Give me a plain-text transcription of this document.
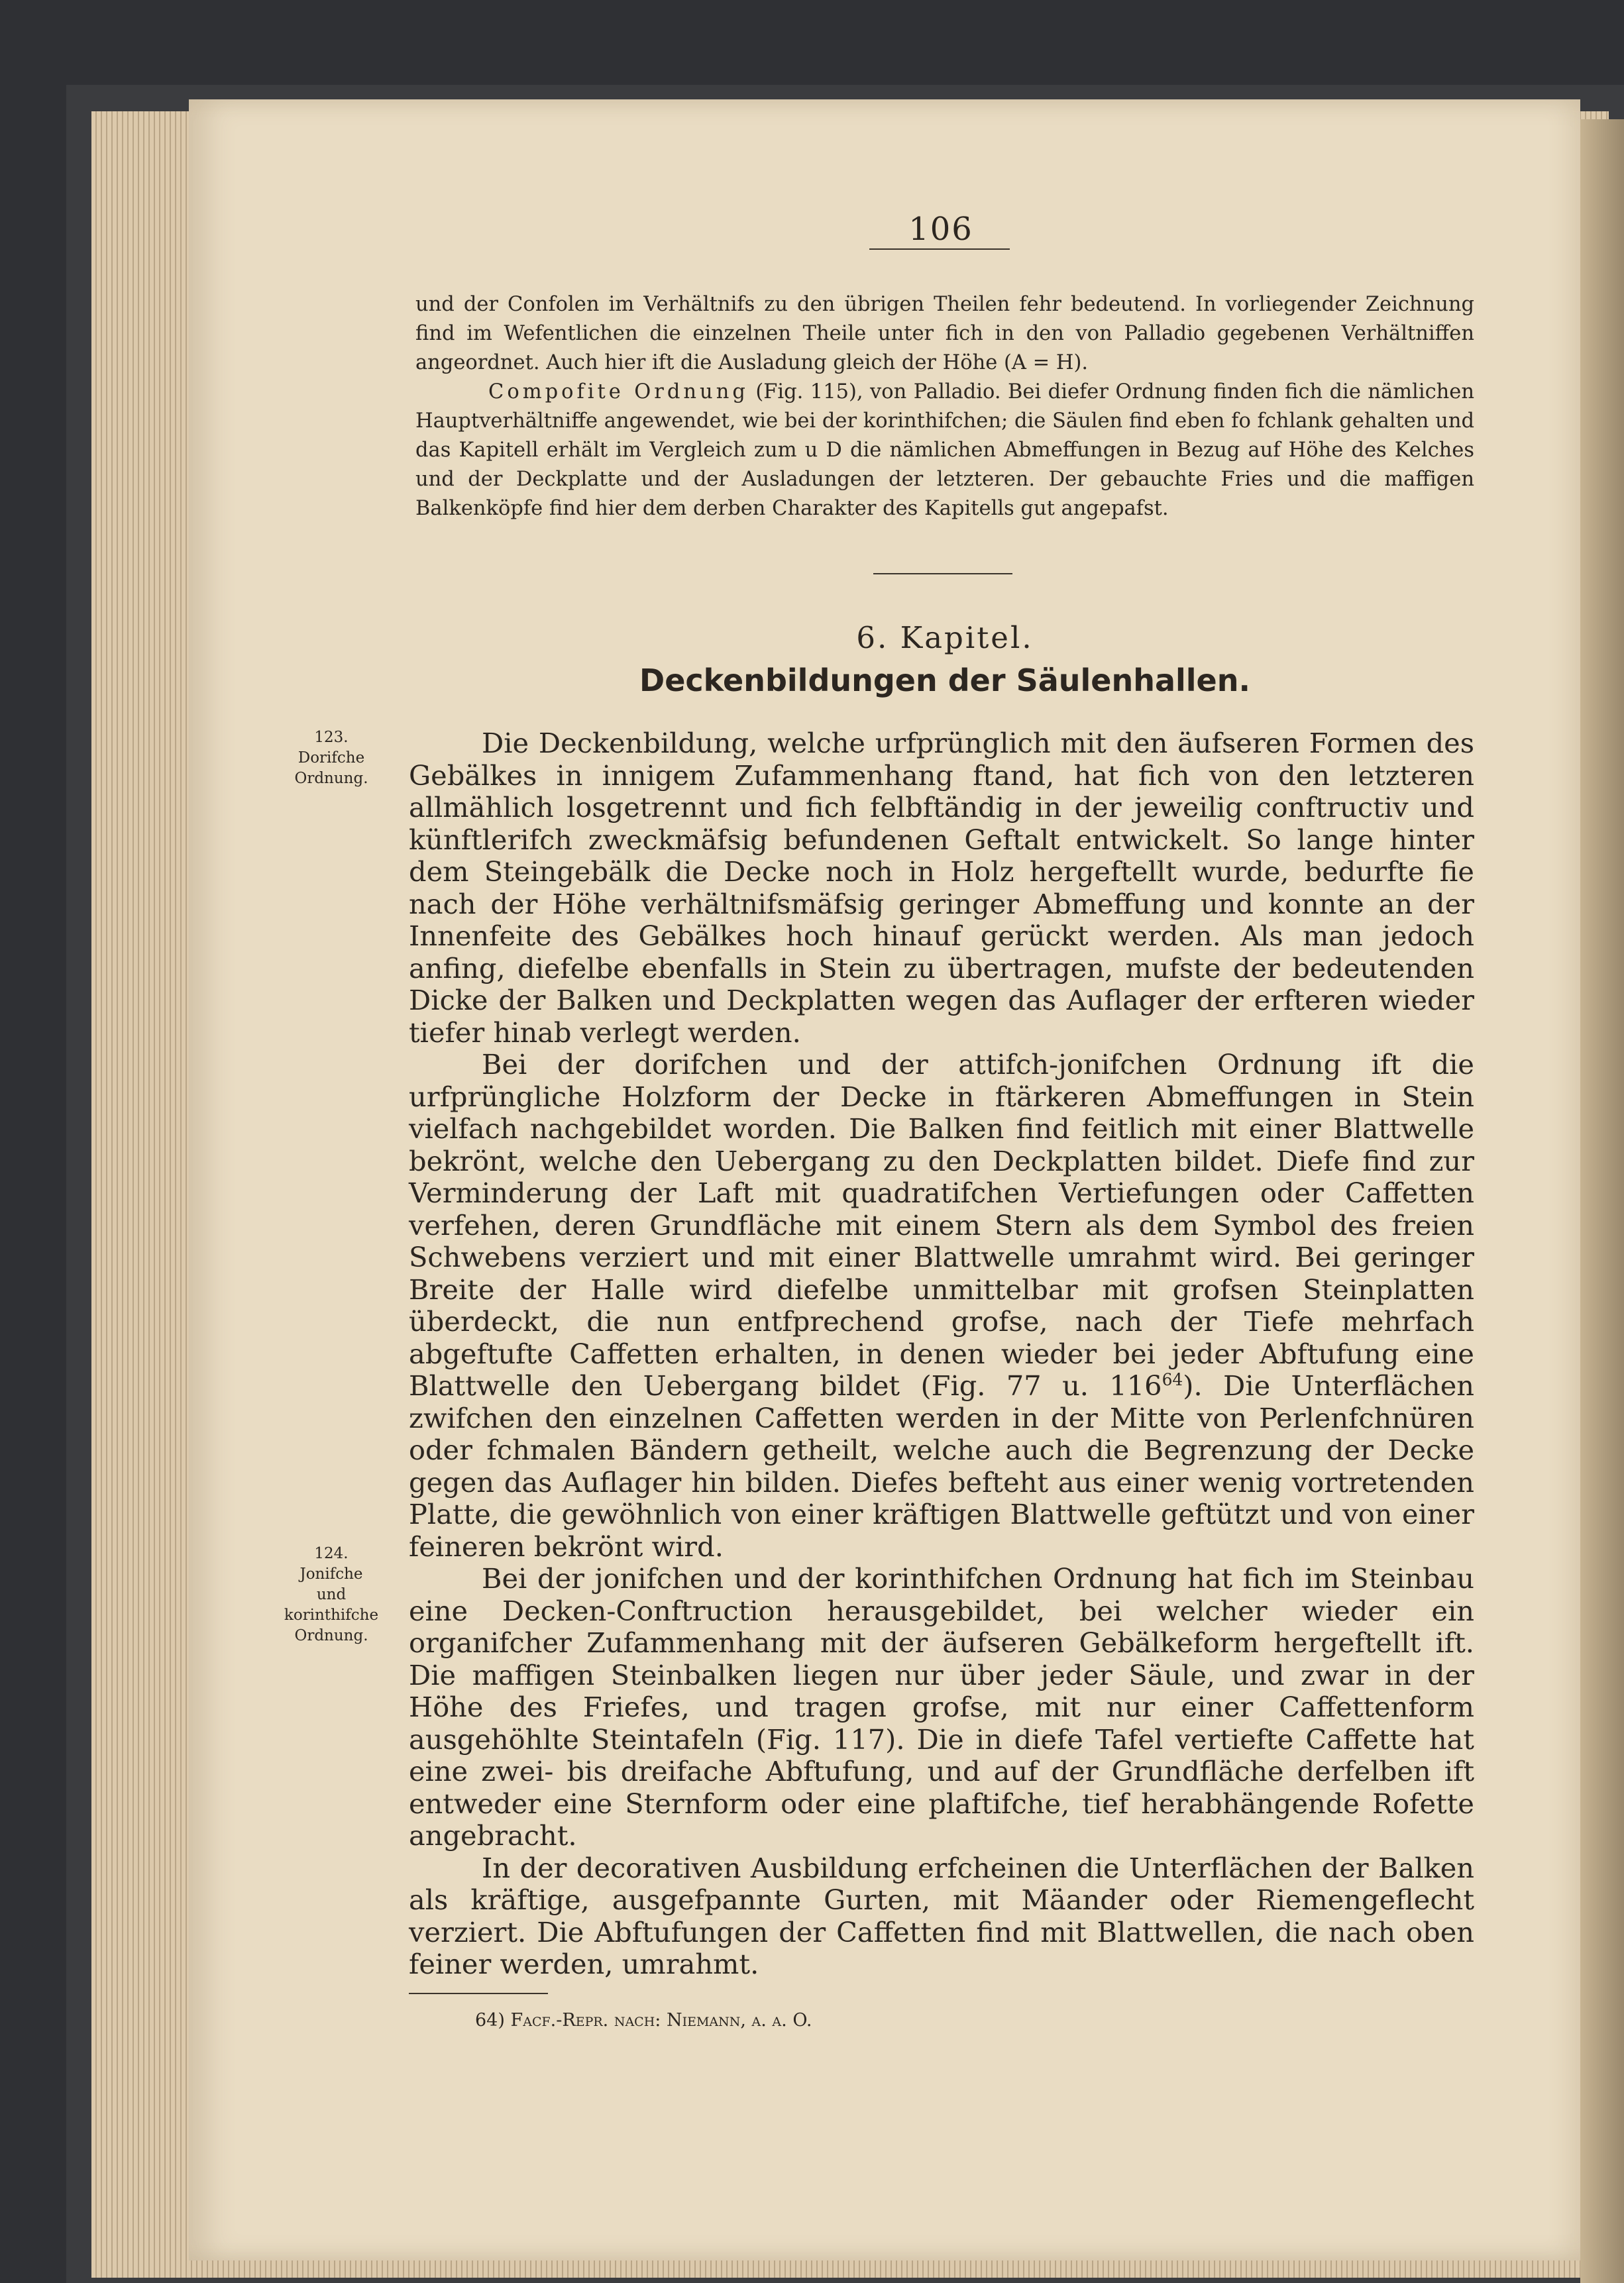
106

und der Confolen im Verhältnifs zu den übrigen Theilen fehr bedeutend. In vorliegender Zeichnung find im Wefentlichen die einzelnen Theile unter fich in den von Palladio gegebenen Verhältniffen angeordnet. Auch hier ift die Ausladung gleich der Höhe (A = H).

Compofite Ordnung (Fig. 115), von Palladio. Bei diefer Ordnung finden fich die nämlichen Hauptverhältniffe angewendet, wie bei der korinthifchen; die Säulen find eben fo fchlank gehalten und das Kapitell erhält im Vergleich zum u D die nämlichen Abmeffungen in Bezug auf Höhe des Kelches und der Deckplatte und der Ausladungen der letzteren. Der gebauchte Fries und die maffigen Balkenköpfe find hier dem derben Charakter des Kapitells gut angepafst.

6. Kapitel.
Deckenbildungen der Säulenhallen.
123.
Dorifche
Ordnung.
124.
Jonifche
und
korinthifche
Ordnung.

Die Deckenbildung, welche urfprünglich mit den äufseren Formen des Gebälkes in innigem Zufammenhang ftand, hat fich von den letzteren allmählich losgetrennt und fich felbftändig in der jeweilig conftructiv und künftlerifch zweckmäfsig befundenen Geftalt entwickelt. So lange hinter dem Steingebälk die Decke noch in Holz hergeftellt wurde, bedurfte fie nach der Höhe verhältnifsmäfsig geringer Abmeffung und konnte an der Innenfeite des Gebälkes hoch hinauf gerückt werden. Als man jedoch anfing, diefelbe ebenfalls in Stein zu übertragen, mufste der bedeutenden Dicke der Balken und Deckplatten wegen das Auflager der erfteren wieder tiefer hinab verlegt werden.

Bei der dorifchen und der attifch-jonifchen Ordnung ift die urfprüngliche Holzform der Decke in ftärkeren Abmeffungen in Stein vielfach nachgebildet worden. Die Balken find feitlich mit einer Blattwelle bekrönt, welche den Uebergang zu den Deckplatten bildet. Diefe find zur Verminderung der Laft mit quadratifchen Vertiefungen oder Caffetten verfehen, deren Grundfläche mit einem Stern als dem Symbol des freien Schwebens verziert und mit einer Blattwelle umrahmt wird. Bei geringer Breite der Halle wird diefelbe unmittelbar mit grofsen Steinplatten überdeckt, die nun entfprechend grofse, nach der Tiefe mehrfach abgeftufte Caffetten erhalten, in denen wieder bei jeder Abftufung eine Blattwelle den Uebergang bildet (Fig. 77 u. $116^{64}$). Die Unterflächen zwifchen den einzelnen Caffetten werden in der Mitte von Perlenfchnüren oder fchmalen Bändern getheilt, welche auch die Begrenzung der Decke gegen das Auflager hin bilden. Diefes befteht aus einer wenig vortretenden Platte, die gewöhnlich von einer kräftigen Blattwelle geftützt und von einer feineren bekrönt wird.

Bei der jonifchen und der korinthifchen Ordnung hat fich im Steinbau eine Decken-Conftruction herausgebildet, bei welcher wieder ein organifcher Zufammenhang mit der äufseren Gebälkeform hergeftellt ift. Die maffigen Steinbalken liegen nur über jeder Säule, und zwar in der Höhe des Friefes, und tragen grofse, mit nur einer Caffettenform ausgehöhlte Steintafeln (Fig. 117). Die in diefe Tafel vertiefte Caffette hat eine zwei- bis dreifache Abftufung, und auf der Grundfläche derfelben ift entweder eine Sternform oder eine plaftifche, tief herabhängende Rofette angebracht.

In der decorativen Ausbildung erfcheinen die Unterflächen der Balken als kräftige, ausgefpannte Gurten, mit Mäander oder Riemengeflecht verziert. Die Abftufungen der Caffetten find mit Blattwellen, die nach oben feiner werden, umrahmt.

64) Facf.-Repr. nach: Niemann, a. a. O.
